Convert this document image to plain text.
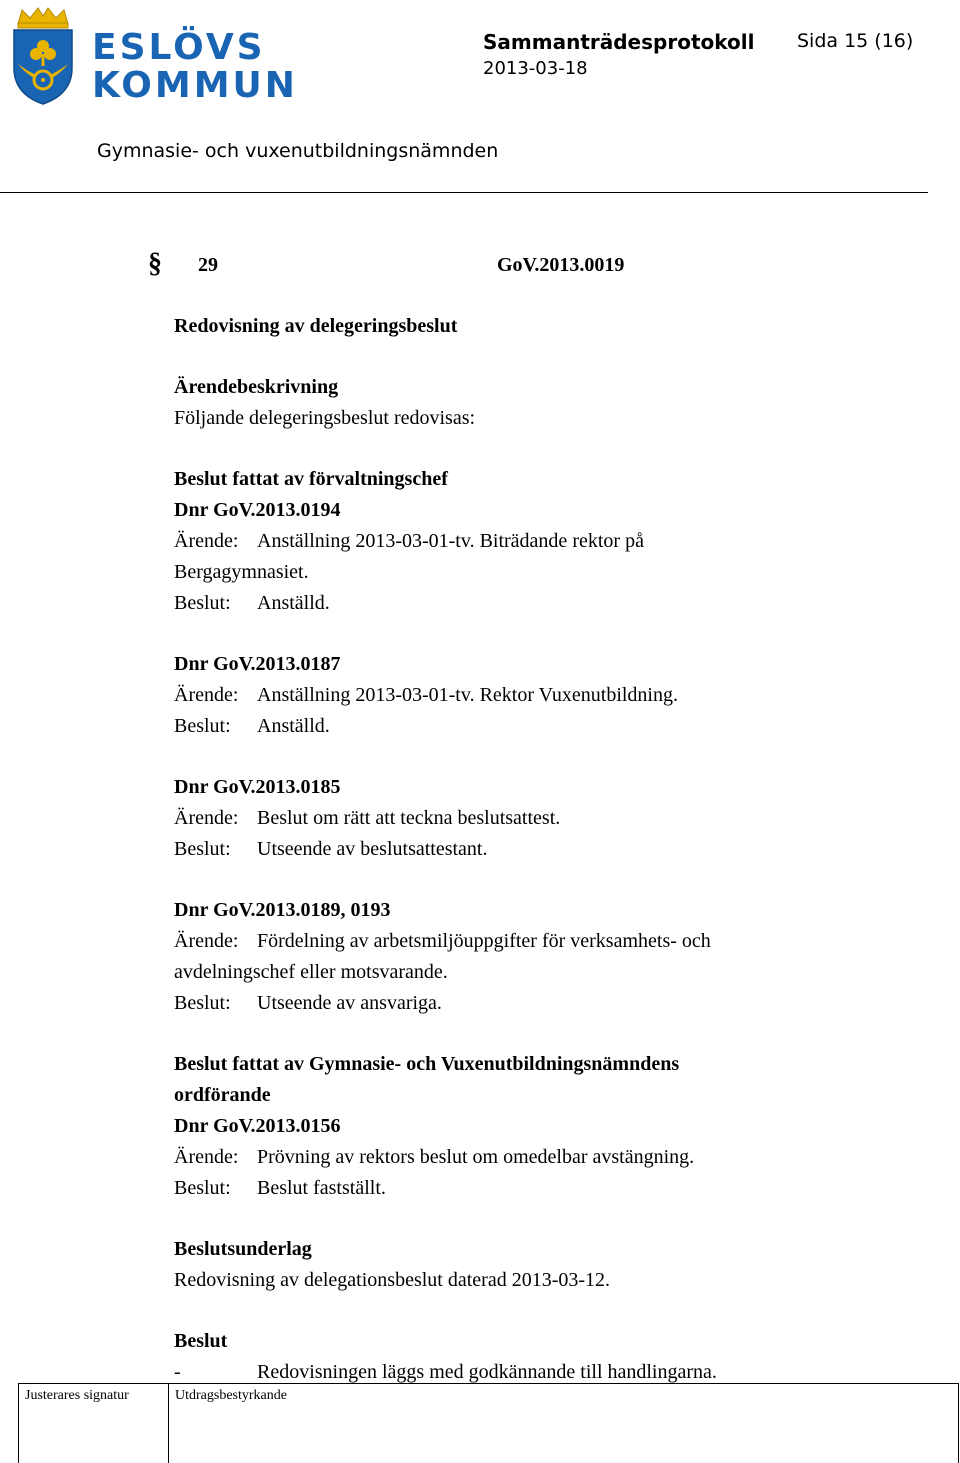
ESLÖVS
KOMMUN
Sammanträdesprotokoll
2013-03-18
Sida 15 (16)
Gymnasie- och vuxenutbildningsnämnden
§ 29	GoV.2013.0019
Redovisning av delegeringsbeslut
Ärendebeskrivning
Följande delegeringsbeslut redovisas:
Beslut fattat av förvaltningschef
Dnr GoV.2013.0194
Ärende: Anställning 2013-03-01-tv. Biträdande rektor på
Bergagymnasiet.
Beslut:	Anställd.
Dnr GoV.2013.0187
Ärende: Anställning 2013-03-01-tv. Rektor Vuxenutbildning.
Beslut:	Anställd.
Dnr GoV.2013.0185
Ärende: Beslut om rätt att teckna beslutsattest.
Beslut:	Utseende av beslutsattestant.
Dnr GoV.2013.0189, 0193
Ärende: Fördelning av arbetsmiljöuppgifter för verksamhets- och
avdelningschef eller motsvarande.
Beslut:	Utseende av ansvariga.
Beslut fattat av Gymnasie- och Vuxenutbildningsnämndens
ordförande
Dnr GoV.2013.0156
Ärende: Prövning av rektors beslut om omedelbar avstängning.
Beslut:	Beslut fastställt.
Beslutsunderlag
Redovisning av delegationsbeslut daterad 2013-03-12.
Beslut
-	Redovisningen läggs med godkännande till handlingarna.
Justerares signatur	Utdragsbestyrkande
